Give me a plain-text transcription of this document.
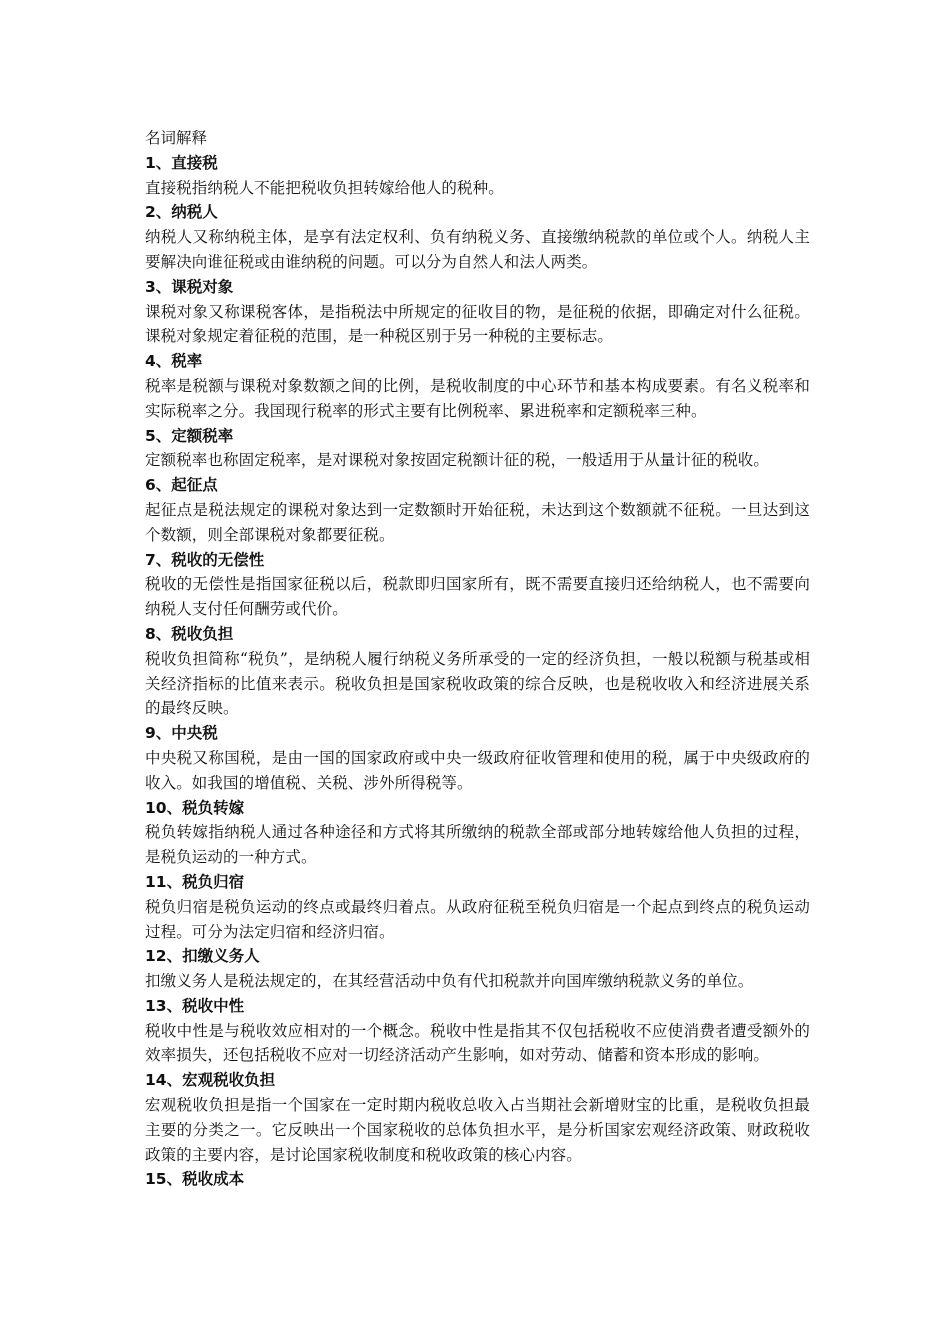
名词解释

1、直接税

直接税指纳税人不能把税收负担转嫁给他人的税种。

2、纳税人

纳税人又称纳税主体，是享有法定权利、负有纳税义务、直接缴纳税款的单位或个人。纳税人主要解决向谁征税或由谁纳税的问题。可以分为自然人和法人两类。

3、课税对象

课税对象又称课税客体，是指税法中所规定的征收目的物，是征税的依据，即确定对什么征税。课税对象规定着征税的范围，是一种税区别于另一种税的主要标志。

4、税率

税率是税额与课税对象数额之间的比例，是税收制度的中心环节和基本构成要素。有名义税率和实际税率之分。我国现行税率的形式主要有比例税率、累进税率和定额税率三种。

5、定额税率

定额税率也称固定税率，是对课税对象按固定税额计征的税，一般适用于从量计征的税收。

6、起征点

起征点是税法规定的课税对象达到一定数额时开始征税，未达到这个数额就不征税。一旦达到这个数额，则全部课税对象都要征税。

7、税收的无偿性

税收的无偿性是指国家征税以后，税款即归国家所有，既不需要直接归还给纳税人，也不需要向纳税人支付任何酬劳或代价。

8、税收负担

税收负担简称“税负”，是纳税人履行纳税义务所承受的一定的经济负担，一般以税额与税基或相关经济指标的比值来表示。税收负担是国家税收政策的综合反映，也是税收收入和经济进展关系的最终反映。

9、中央税

中央税又称国税，是由一国的国家政府或中央一级政府征收管理和使用的税，属于中央级政府的收入。如我国的增值税、关税、涉外所得税等。

10、税负转嫁

税负转嫁指纳税人通过各种途径和方式将其所缴纳的税款全部或部分地转嫁给他人负担的过程，是税负运动的一种方式。

11、税负归宿

税负归宿是税负运动的终点或最终归着点。从政府征税至税负归宿是一个起点到终点的税负运动过程。可分为法定归宿和经济归宿。

12、扣缴义务人

扣缴义务人是税法规定的，在其经营活动中负有代扣税款并向国库缴纳税款义务的单位。

13、税收中性

税收中性是与税收效应相对的一个概念。税收中性是指其不仅包括税收不应使消费者遭受额外的效率损失，还包括税收不应对一切经济活动产生影响，如对劳动、储蓄和资本形成的影响。

14、宏观税收负担

宏观税收负担是指一个国家在一定时期内税收总收入占当期社会新增财宝的比重，是税收负担最主要的分类之一。它反映出一个国家税收的总体负担水平，是分析国家宏观经济政策、财政税收政策的主要内容，是讨论国家税收制度和税收政策的核心内容。

15、税收成本
